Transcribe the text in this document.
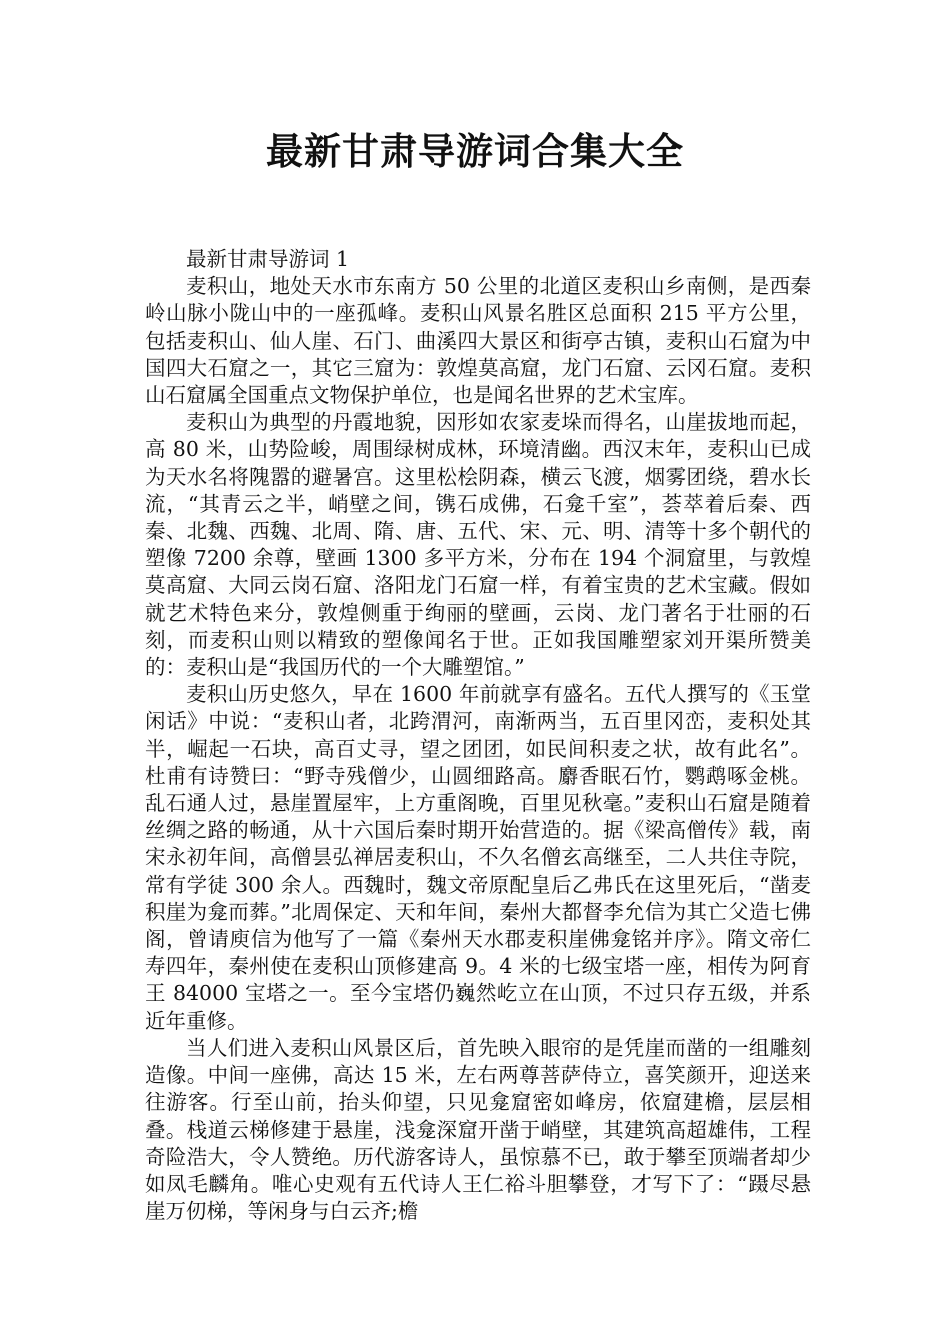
最新甘肃导游词合集大全
最新甘肃导游词 1

麦积山，地处天水市东南方 50 公里的北道区麦积山乡南侧，是西秦岭山脉小陇山中的一座孤峰。麦积山风景名胜区总面积 215 平方公里，包括麦积山、仙人崖、石门、曲溪四大景区和街亭古镇，麦积山石窟为中国四大石窟之一，其它三窟为：敦煌莫高窟，龙门石窟、云冈石窟。麦积山石窟属全国重点文物保护单位，也是闻名世界的艺术宝库。

麦积山为典型的丹霞地貌，因形如农家麦垛而得名，山崖拔地而起，高 80 米，山势险峻，周围绿树成林，环境清幽。西汉末年，麦积山已成为天水名将隗嚣的避暑宫。这里松桧阴森，横云飞渡，烟雾团绕，碧水长流，“其青云之半，峭壁之间，镌石成佛，石龛千室”，荟萃着后秦、西秦、北魏、西魏、北周、隋、唐、五代、宋、元、明、清等十多个朝代的塑像 7200 余尊，壁画 1300 多平方米，分布在 194 个洞窟里，与敦煌莫高窟、大同云岗石窟、洛阳龙门石窟一样，有着宝贵的艺术宝藏。假如就艺术特色来分，敦煌侧重于绚丽的壁画，云岗、龙门著名于壮丽的石刻，而麦积山则以精致的塑像闻名于世。正如我国雕塑家刘开渠所赞美的：麦积山是“我国历代的一个大雕塑馆。”

麦积山历史悠久，早在 1600 年前就享有盛名。五代人撰写的《玉堂闲话》中说：“麦积山者，北跨渭河，南渐两当，五百里冈峦，麦积处其半，崛起一石块，高百丈寻，望之团团，如民间积麦之状，故有此名”。杜甫有诗赞曰：“野寺残僧少，山圆细路高。麝香眠石竹，鹦鹉啄金桃。乱石通人过，悬崖置屋牢，上方重阁晚，百里见秋毫。”麦积山石窟是随着丝绸之路的畅通，从十六国后秦时期开始营造的。据《梁高僧传》载，南宋永初年间，高僧昙弘禅居麦积山，不久名僧玄高继至，二人共住寺院，常有学徒 300 余人。西魏时，魏文帝原配皇后乙弗氏在这里死后，“凿麦积崖为龛而葬。”北周保定、天和年间，秦州大都督李允信为其亡父造七佛阁，曾请庾信为他写了一篇《秦州天水郡麦积崖佛龛铭并序》。隋文帝仁寿四年，秦州使在麦积山顶修建高 9。4 米的七级宝塔一座，相传为阿育王 84000 宝塔之一。至今宝塔仍巍然屹立在山顶，不过只存五级，并系近年重修。

当人们进入麦积山风景区后，首先映入眼帘的是凭崖而凿的一组雕刻造像。中间一座佛，高达 15 米，左右两尊菩萨侍立，喜笑颜开，迎送来往游客。行至山前，抬头仰望，只见龛窟密如峰房，依窟建檐，层层相叠。栈道云梯修建于悬崖，浅龛深窟开凿于峭壁，其建筑高超雄伟，工程奇险浩大，令人赞绝。历代游客诗人，虽惊慕不已，敢于攀至顶端者却少如凤毛麟角。唯心史观有五代诗人王仁裕斗胆攀登，才写下了：“蹑尽悬崖万仞梯，等闲身与白云齐;檐
